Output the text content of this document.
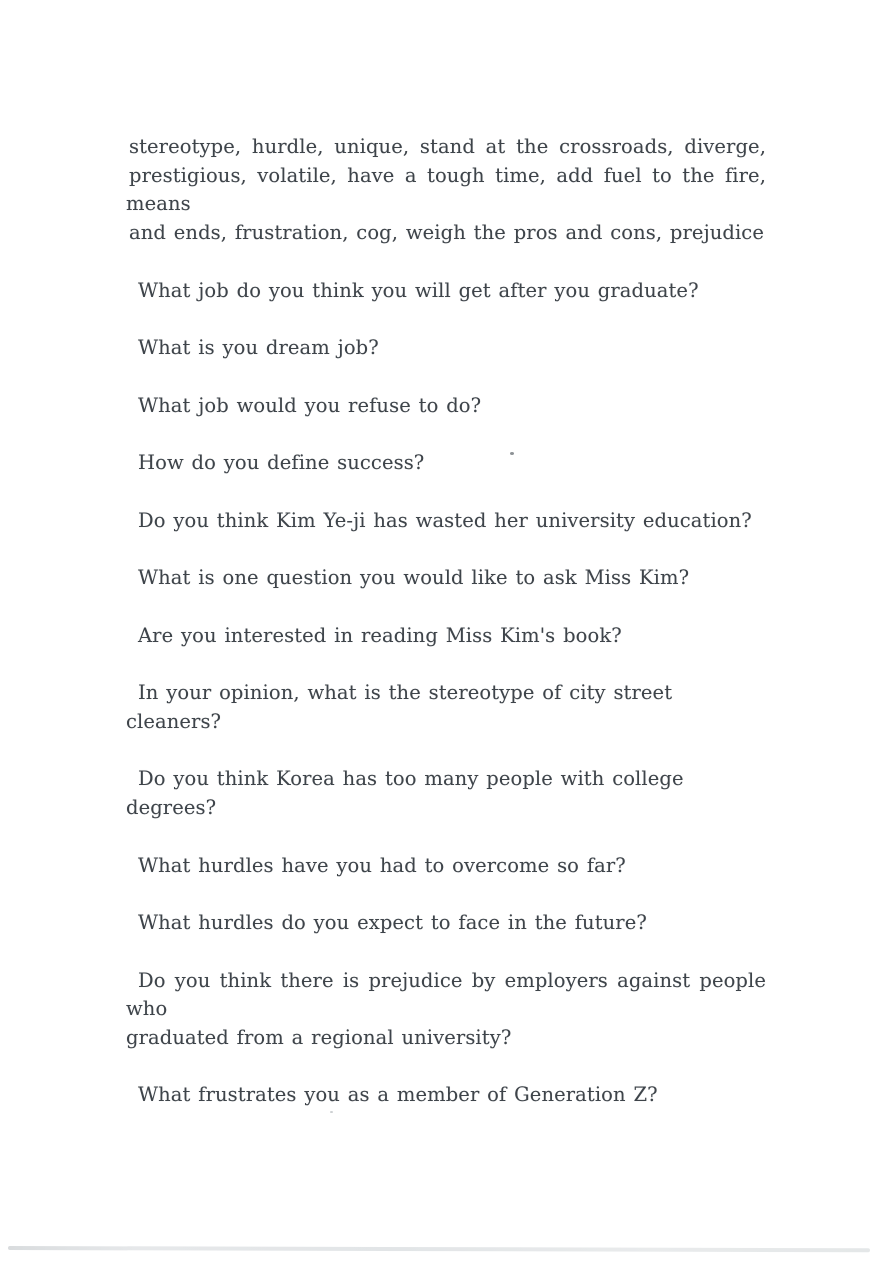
stereotype, hurdle, unique, stand at the crossroads, diverge,
prestigious, volatile, have a tough time, add fuel to the fire, means
and ends, frustration, cog, weigh the pros and cons, prejudice

What job do you think you will get after you graduate?

What is you dream job?

What job would you refuse to do?

How do you define success?

Do you think Kim Ye-ji has wasted her university education?

What is one question you would like to ask Miss Kim?

Are you interested in reading Miss Kim's book?

In your opinion, what is the stereotype of city street cleaners?

Do you think Korea has too many people with college degrees?

What hurdles have you had to overcome so far?

What hurdles do you expect to face in the future?

Do you think there is prejudice by employers against people who
graduated from a regional university?

What frustrates you as a member of Generation Z?
